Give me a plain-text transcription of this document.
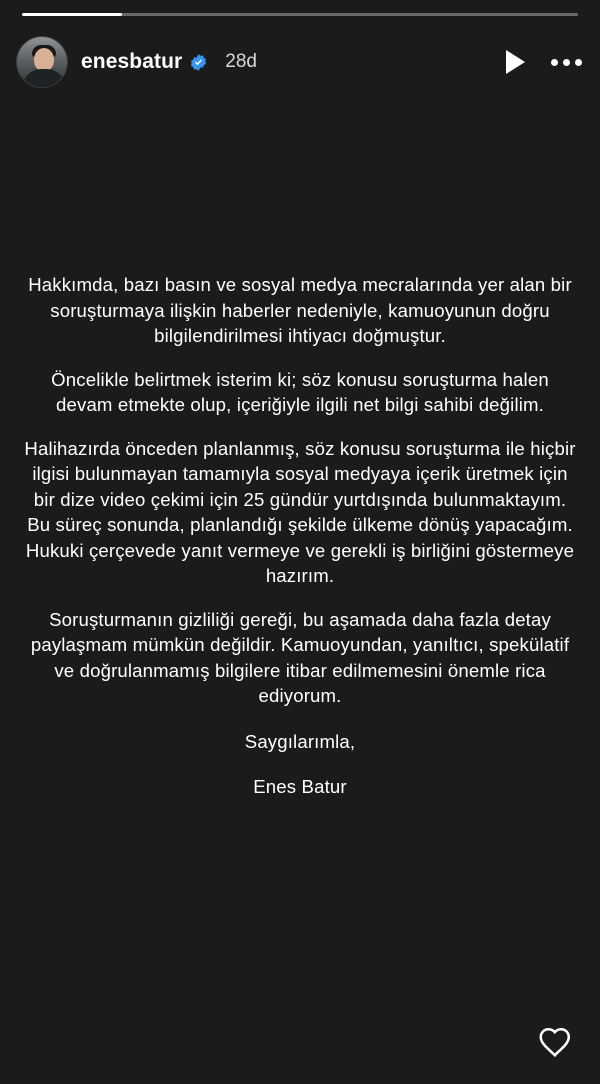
enesbatur 28d

Hakkımda, bazı basın ve sosyal medya mecralarında yer alan bir soruşturmaya ilişkin haberler nedeniyle, kamuoyunun doğru bilgilendirilmesi ihtiyacı doğmuştur.

Öncelikle belirtmek isterim ki; söz konusu soruşturma halen devam etmekte olup, içeriğiyle ilgili net bilgi sahibi değilim.

Halihazırda önceden planlanmış, söz konusu soruşturma ile hiçbir ilgisi bulunmayan tamamıyla sosyal medyaya içerik üretmek için bir dize video çekimi için 25 gündür yurtdışında bulunmaktayım. Bu süreç sonunda, planlandığı şekilde ülkeme dönüş yapacağım. Hukuki çerçevede yanıt vermeye ve gerekli iş birliğini göstermeye hazırım.

Soruşturmanın gizliliği gereği, bu aşamada daha fazla detay paylaşmam mümkün değildir. Kamuoyundan, yanıltıcı, spekülatif ve doğrulanmamış bilgilere itibar edilmemesini önemle rica ediyorum.

Saygılarımla,

Enes Batur
